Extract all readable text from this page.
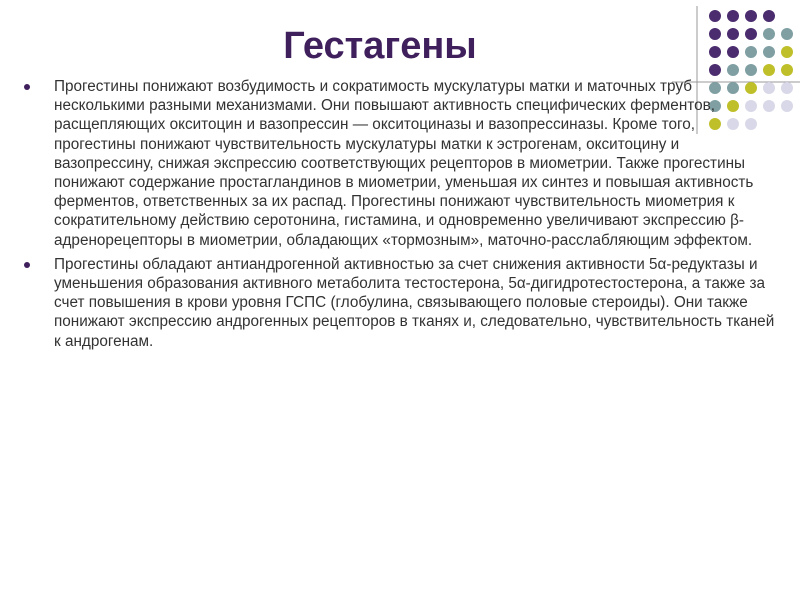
Гестагены
Прогестины понижают возбудимость и сократимость мускулатуры матки и маточных труб несколькими разными механизмами. Они повышают активность специфических ферментов, расщепляющих окситоцин и вазопрессин — окситоциназы и вазопрессиназы. Кроме того, прогестины понижают чувствительность мускулатуры матки к эстрогенам, окситоцину и вазопрессину, снижая экспрессию соответствующих рецепторов в миометрии. Также прогестины понижают содержание простагландинов в миометрии, уменьшая их синтез и повышая активность ферментов, ответственных за их распад. Прогестины понижают чувствительность миометрия к сократительному действию серотонина, гистамина, и одновременно увеличивают экспрессию β-адренорецепторы в миометрии, обладающих «тормозным», маточно-расслабляющим эффектом.
Прогестины обладают антиандрогенной активностью за счет снижения активности 5α-редуктазы и уменьшения образования активного метаболита тестостерона, 5α-дигидротестостерона, а также за счет повышения в крови уровня ГСПС (глобулина, связывающего половые стероиды). Они также понижают экспрессию андрогенных рецепторов в тканях и, следовательно, чувствительность тканей к андрогенам.
